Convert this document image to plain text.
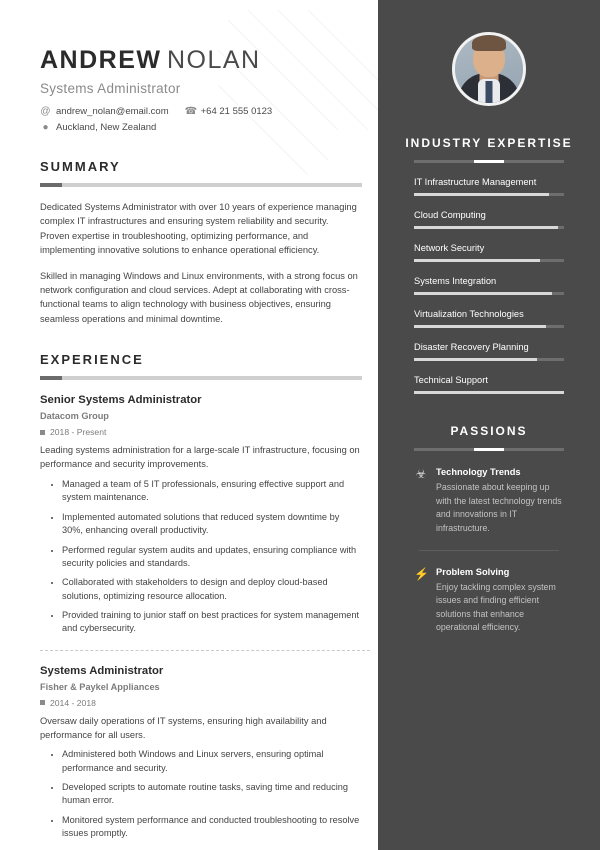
ANDREW NOLAN
Systems Administrator
@ andrew_nolan@email.com ☎ +64 21 555 0123
● Auckland, New Zealand
SUMMARY
Dedicated Systems Administrator with over 10 years of experience managing complex IT infrastructures and ensuring system reliability and security. Proven expertise in troubleshooting, optimizing performance, and implementing innovative solutions to enhance operational efficiency.
Skilled in managing Windows and Linux environments, with a strong focus on network configuration and cloud services. Adept at collaborating with cross-functional teams to align technology with business objectives, ensuring seamless operations and minimal downtime.
EXPERIENCE
Senior Systems Administrator
Datacom Group
2018 - Present
Leading systems administration for a large-scale IT infrastructure, focusing on performance and security improvements.
• Managed a team of 5 IT professionals, ensuring effective support and system maintenance.
• Implemented automated solutions that reduced system downtime by 30%, enhancing overall productivity.
• Performed regular system audits and updates, ensuring compliance with security policies and standards.
• Collaborated with stakeholders to design and deploy cloud-based solutions, optimizing resource allocation.
• Provided training to junior staff on best practices for system management and cybersecurity.
Systems Administrator
Fisher & Paykel Appliances
2014 - 2018
Oversaw daily operations of IT systems, ensuring high availability and performance for all users.
• Administered both Windows and Linux servers, ensuring optimal performance and security.
• Developed scripts to automate routine tasks, saving time and reducing human error.
• Monitored system performance and conducted troubleshooting to resolve issues promptly.
INDUSTRY EXPERTISE
IT Infrastructure Management
Cloud Computing
Network Security
Systems Integration
Virtualization Technologies
Disaster Recovery Planning
Technical Support
PASSIONS
☣ Technology Trends
Passionate about keeping up with the latest technology trends and innovations in IT infrastructure.
⚡ Problem Solving
Enjoy tackling complex system issues and finding efficient solutions that enhance operational efficiency.
